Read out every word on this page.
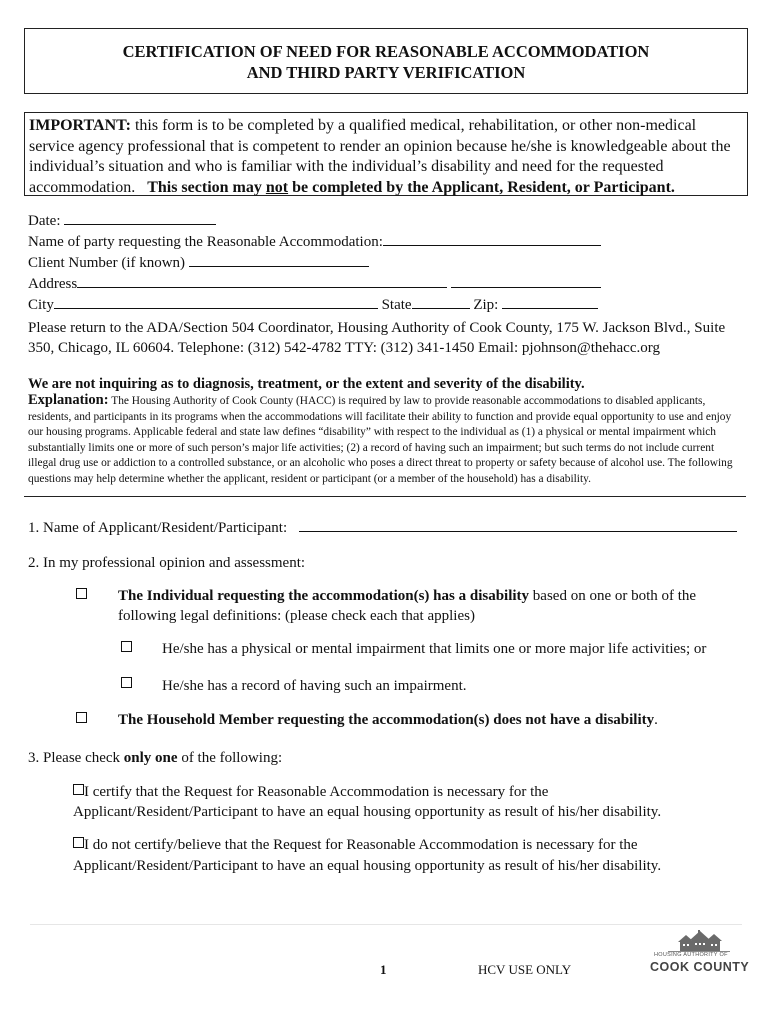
CERTIFICATION OF NEED FOR REASONABLE ACCOMMODATION
AND THIRD PARTY VERIFICATION
IMPORTANT: this form is to be completed by a qualified medical, rehabilitation, or other non-medical service agency professional that is competent to render an opinion because he/she is knowledgeable about the individual’s situation and who is familiar with the individual’s disability and need for the requested accommodation. This section may not be completed by the Applicant, Resident, or Participant.
Date:
Name of party requesting the Reasonable Accommodation:
Client Number (if known)
Address
City	State	Zip:
Please return to the ADA/Section 504 Coordinator, Housing Authority of Cook County, 175 W. Jackson Blvd., Suite 350, Chicago, IL 60604. Telephone: (312) 542-4782 TTY: (312) 341-1450 Email: pjohnson@thehacc.org
We are not inquiring as to diagnosis, treatment, or the extent and severity of the disability.
Explanation: The Housing Authority of Cook County (HACC) is required by law to provide reasonable accommodations to disabled applicants, residents, and participants in its programs when the accommodations will facilitate their ability to function and provide equal opportunity to use and enjoy our housing programs. Applicable federal and state law defines “disability” with respect to the individual as (1) a physical or mental impairment which substantially limits one or more of such person’s major life activities; (2) a record of having such an impairment; but such terms do not include current illegal drug use or addiction to a controlled substance, or an alcoholic who poses a direct threat to property or safety because of alcohol use. The following questions may help determine whether the applicant, resident or participant (or a member of the household) has a disability.
1. Name of Applicant/Resident/Participant:
2. In my professional opinion and assessment:
The Individual requesting the accommodation(s) has a disability based on one or both of the
following legal definitions: (please check each that applies)
He/she has a physical or mental impairment that limits one or more major life activities; or
He/she has a record of having such an impairment.
The Household Member requesting the accommodation(s) does not have a disability.
3. Please check only one of the following:
I certify that the Request for Reasonable Accommodation is necessary for the
Applicant/Resident/Participant to have an equal housing opportunity as result of his/her disability.
I do not certify/believe that the Request for Reasonable Accommodation is necessary for the
Applicant/Resident/Participant to have an equal housing opportunity as result of his/her disability.
1	HCV USE ONLY
HOUSING AUTHORITY OF
COOK COUNTY
